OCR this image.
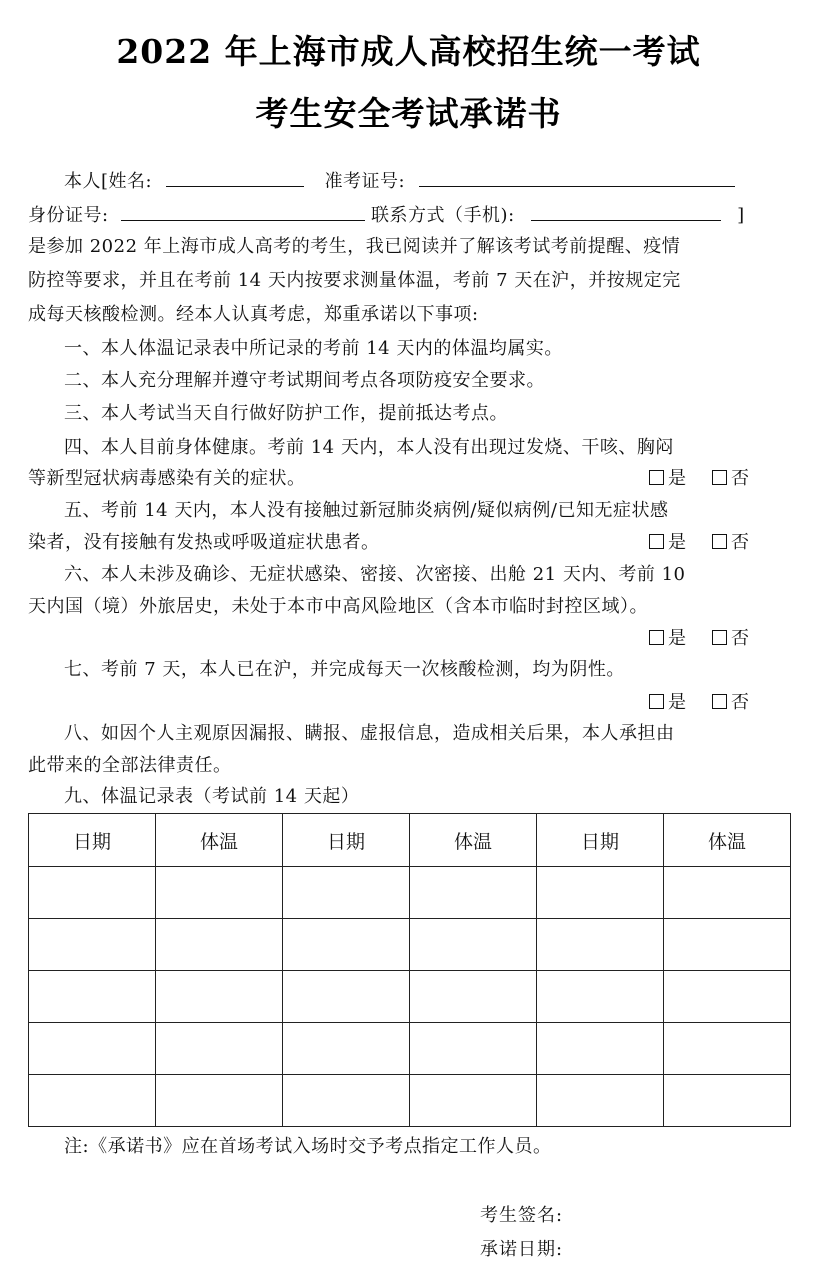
2022 年上海市成人高校招生统一考试
考生安全考试承诺书
本人[姓名:	准考证号:
身份证号:	联系方式（手机):	]
是参加 2022 年上海市成人高考的考生，我已阅读并了解该考试考前提醒、疫情
防控等要求，并且在考前 14 天内按要求测量体温，考前 7 天在沪，并按规定完
成每天核酸检测。经本人认真考虑，郑重承诺以下事项:
一、本人体温记录表中所记录的考前 14 天内的体温均属实。
二、本人充分理解并遵守考试期间考点各项防疫安全要求。
三、本人考试当天自行做好防护工作，提前抵达考点。
四、本人目前身体健康。考前 14 天内，本人没有出现过发烧、干咳、胸闷
等新型冠状病毒感染有关的症状。	是	否
五、考前 14 天内，本人没有接触过新冠肺炎病例/疑似病例/已知无症状感
染者，没有接触有发热或呼吸道症状患者。	是	否
六、本人未涉及确诊、无症状感染、密接、次密接、出舱 21 天内、考前 10
天内国（境）外旅居史，未处于本市中高风险地区（含本市临时封控区域）。
是	否
七、考前 7 天，本人已在沪，并完成每天一次核酸检测，均为阴性。
是	否
八、如因个人主观原因漏报、瞒报、虚报信息，造成相关后果，本人承担由
此带来的全部法律责任。
九、体温记录表（考试前 14 天起）
日期	体温	日期	体温	日期	体温

注:《承诺书》应在首场考试入场时交予考点指定工作人员。
考生签名:
承诺日期:
